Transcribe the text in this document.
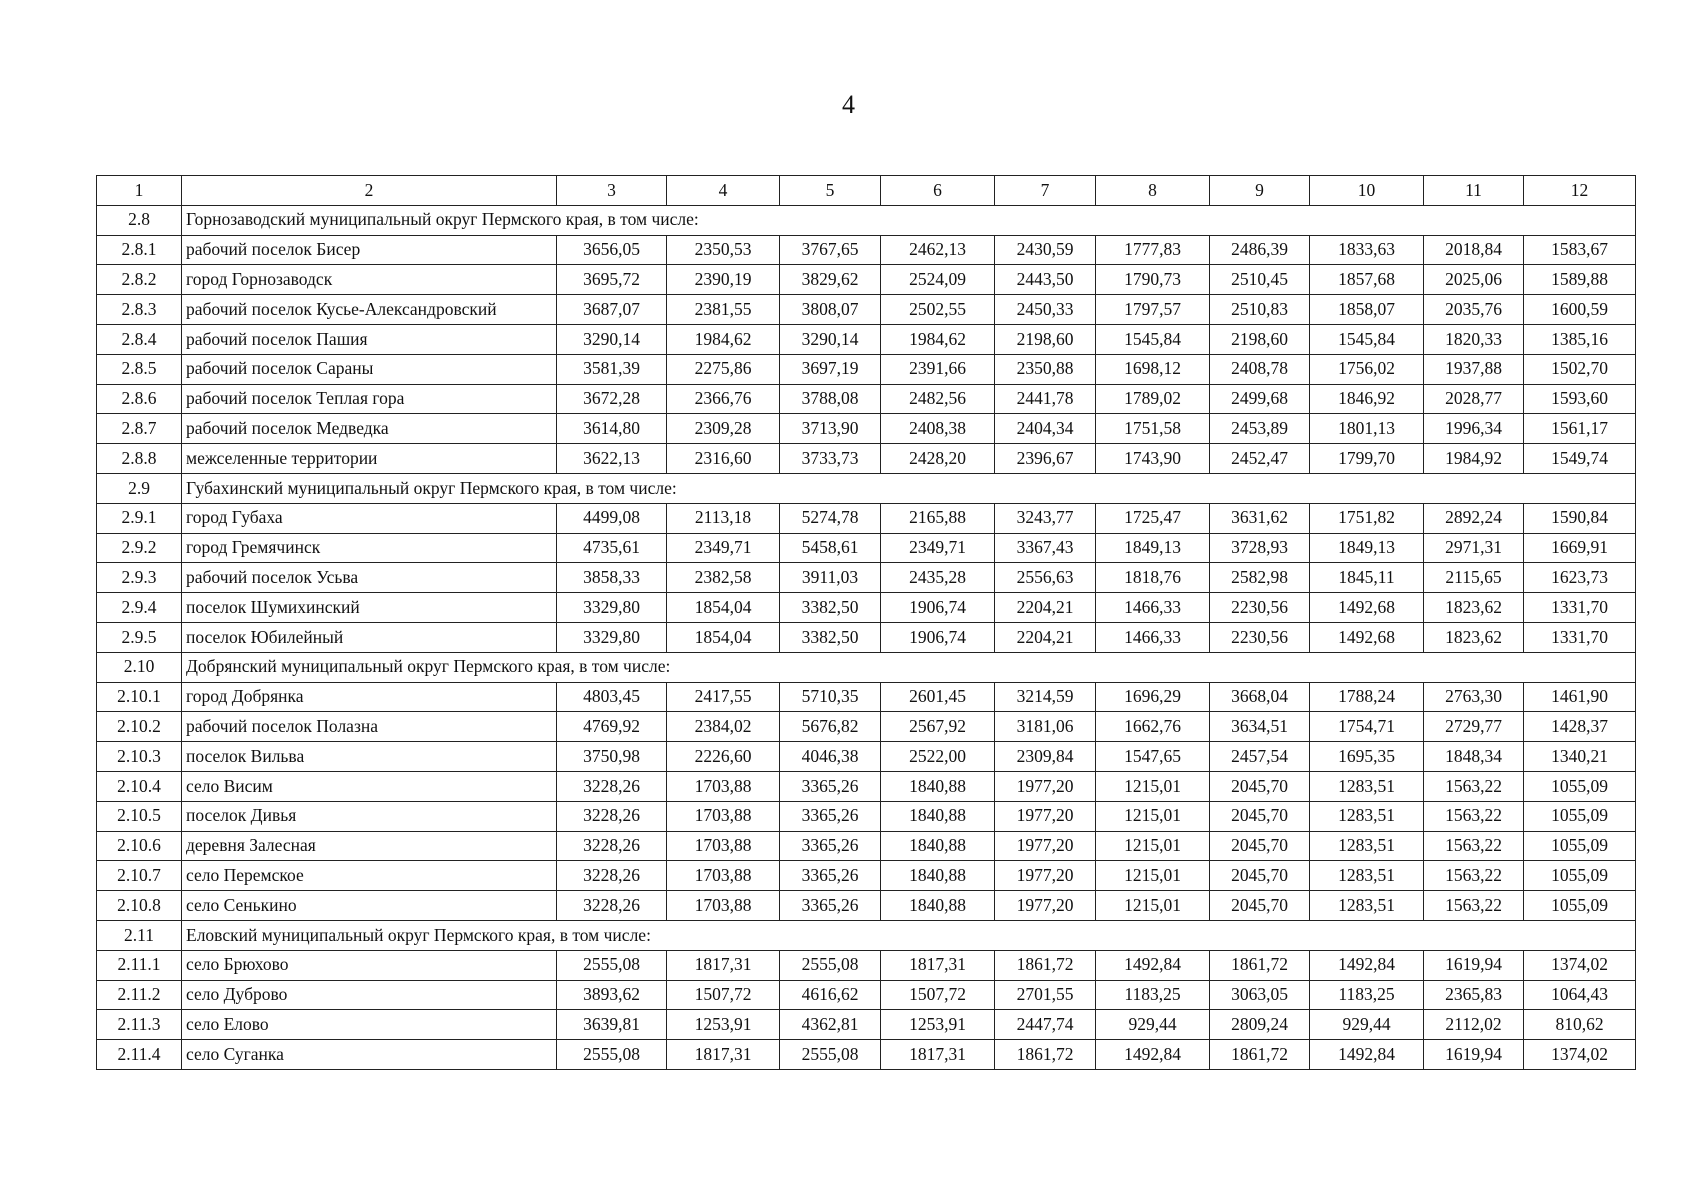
4
1	2	3	4	5	6	7	8	9	10	11	12
2.8	Горнозаводский муниципальный округ Пермского края, в том числе:										
2.8.1	рабочий поселок Бисер	3656,05	2350,53	3767,65	2462,13	2430,59	1777,83	2486,39	1833,63	2018,84	1583,67
2.8.2	город Горнозаводск	3695,72	2390,19	3829,62	2524,09	2443,50	1790,73	2510,45	1857,68	2025,06	1589,88
2.8.3	рабочий поселок Кусье-Александровский	3687,07	2381,55	3808,07	2502,55	2450,33	1797,57	2510,83	1858,07	2035,76	1600,59
2.8.4	рабочий поселок Пашия	3290,14	1984,62	3290,14	1984,62	2198,60	1545,84	2198,60	1545,84	1820,33	1385,16
2.8.5	рабочий поселок Сараны	3581,39	2275,86	3697,19	2391,66	2350,88	1698,12	2408,78	1756,02	1937,88	1502,70
2.8.6	рабочий поселок Теплая гора	3672,28	2366,76	3788,08	2482,56	2441,78	1789,02	2499,68	1846,92	2028,77	1593,60
2.8.7	рабочий поселок Медведка	3614,80	2309,28	3713,90	2408,38	2404,34	1751,58	2453,89	1801,13	1996,34	1561,17
2.8.8	межселенные территории	3622,13	2316,60	3733,73	2428,20	2396,67	1743,90	2452,47	1799,70	1984,92	1549,74
2.9	Губахинский муниципальный округ Пермского края, в том числе:										
2.9.1	город Губаха	4499,08	2113,18	5274,78	2165,88	3243,77	1725,47	3631,62	1751,82	2892,24	1590,84
2.9.2	город Гремячинск	4735,61	2349,71	5458,61	2349,71	3367,43	1849,13	3728,93	1849,13	2971,31	1669,91
2.9.3	рабочий поселок Усьва	3858,33	2382,58	3911,03	2435,28	2556,63	1818,76	2582,98	1845,11	2115,65	1623,73
2.9.4	поселок Шумихинский	3329,80	1854,04	3382,50	1906,74	2204,21	1466,33	2230,56	1492,68	1823,62	1331,70
2.9.5	поселок Юбилейный	3329,80	1854,04	3382,50	1906,74	2204,21	1466,33	2230,56	1492,68	1823,62	1331,70
2.10	Добрянский муниципальный округ Пермского края, в том числе:										
2.10.1	город Добрянка	4803,45	2417,55	5710,35	2601,45	3214,59	1696,29	3668,04	1788,24	2763,30	1461,90
2.10.2	рабочий поселок Полазна	4769,92	2384,02	5676,82	2567,92	3181,06	1662,76	3634,51	1754,71	2729,77	1428,37
2.10.3	поселок Вильва	3750,98	2226,60	4046,38	2522,00	2309,84	1547,65	2457,54	1695,35	1848,34	1340,21
2.10.4	село Висим	3228,26	1703,88	3365,26	1840,88	1977,20	1215,01	2045,70	1283,51	1563,22	1055,09
2.10.5	поселок Дивья	3228,26	1703,88	3365,26	1840,88	1977,20	1215,01	2045,70	1283,51	1563,22	1055,09
2.10.6	деревня Залесная	3228,26	1703,88	3365,26	1840,88	1977,20	1215,01	2045,70	1283,51	1563,22	1055,09
2.10.7	село Перемское	3228,26	1703,88	3365,26	1840,88	1977,20	1215,01	2045,70	1283,51	1563,22	1055,09
2.10.8	село Сенькино	3228,26	1703,88	3365,26	1840,88	1977,20	1215,01	2045,70	1283,51	1563,22	1055,09
2.11	Еловский муниципальный округ Пермского края, в том числе:										
2.11.1	село Брюхово	2555,08	1817,31	2555,08	1817,31	1861,72	1492,84	1861,72	1492,84	1619,94	1374,02
2.11.2	село Дуброво	3893,62	1507,72	4616,62	1507,72	2701,55	1183,25	3063,05	1183,25	2365,83	1064,43
2.11.3	село Елово	3639,81	1253,91	4362,81	1253,91	2447,74	929,44	2809,24	929,44	2112,02	810,62
2.11.4	село Суганка	2555,08	1817,31	2555,08	1817,31	1861,72	1492,84	1861,72	1492,84	1619,94	1374,02
